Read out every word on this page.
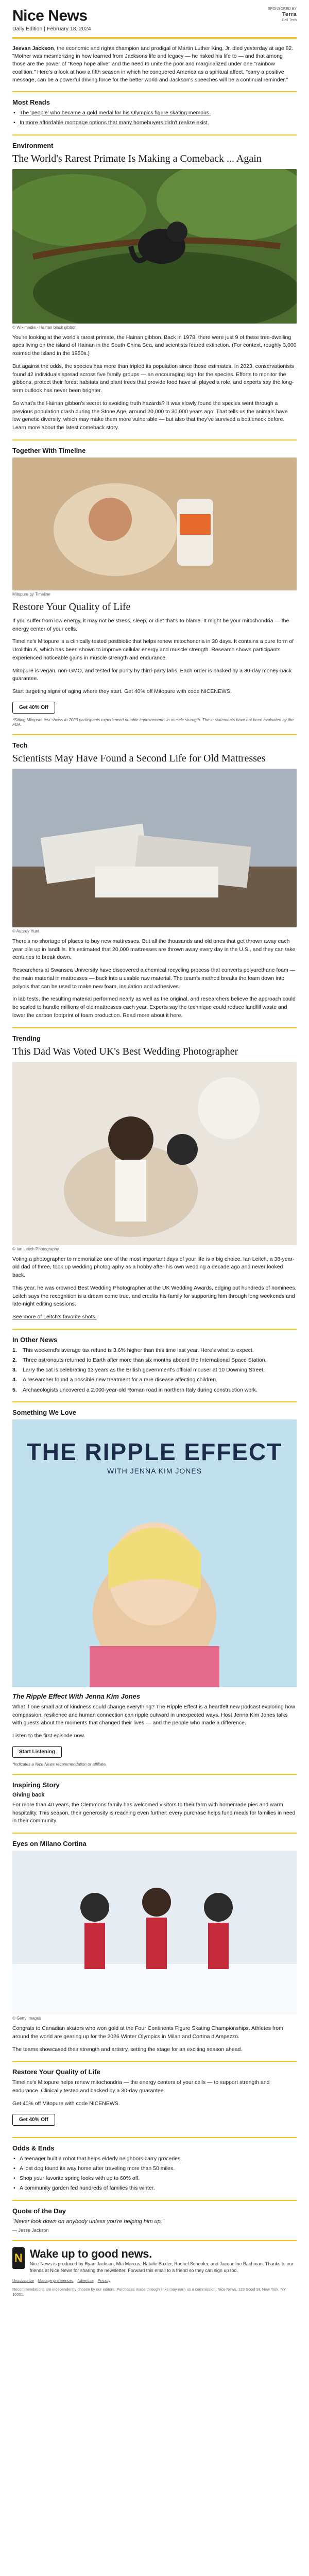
Nice News
Daily Edition | February 18, 2024
SPONSORED BY
Terra
Cell Tech

Jeevan Jackson, the economic and rights champion and prodigal of Martin Luther King, Jr. died yesterday at age 82. "Mother was mesmerizing in how learned from Jacksons life and legacy — he risked his life to — and that among those are the power of "Keep hope alive" and the need to unite the poor and marginalized under one "rainbow coalition." Here's a look at how a fifth season in which he conquered America as a spiritual affect, "carry a positive message, can be a powerful driving force for the better world and Jackson's speeches will be a continual reminder."

Most Reads
• The 'people' who became a gold medal for his Olympics figure skating memoirs.
• In more affordable mortgage options that many homebuyers didn't realize exist.
Environment
The World's Rarest Primate Is Making a Comeback ... Again
© Wikimedia · Hainan black gibbon

You're looking at the world's rarest primate, the Hainan gibbon. Back in 1978, there were just 9 of these tree-dwelling apes living on the island of Hainan in the South China Sea, and scientists feared extinction. (For context, roughly 3,000 roamed the island in the 1950s.)

But against the odds, the species has more than tripled its population since those estimates. In 2023, conservationists found 42 individuals spread across five family groups — an encouraging sign for the species. Efforts to monitor the gibbons, protect their forest habitats and plant trees that provide food have all played a role, and experts say the long-term outlook has never been brighter.

So what's the Hainan gibbon's secret to avoiding truth hazards? It was slowly found the species went through a previous population crash during the Stone Age, around 20,000 to 30,000 years ago. That tells us the animals have low genetic diversity, which may make them more vulnerable — but also that they've survived a bottleneck before. Learn more about the latest comeback story.

Together With Timeline
Mitopure by Timeline
Restore Your Quality of Life

If you suffer from low energy, it may not be stress, sleep, or diet that's to blame. It might be your mitochondria — the energy center of your cells.

Timeline's Mitopure is a clinically tested postbiotic that helps renew mitochondria in 30 days. It contains a pure form of Urolithin A, which has been shown to improve cellular energy and muscle strength. Research shows participants experienced noticeable gains in muscle strength and endurance.

Mitopure is vegan, non-GMO, and tested for purity by third-party labs. Each order is backed by a 30-day money-back guarantee.

Start targeting signs of aging where they start. Get 40% off Mitopure with code NICENEWS.

Get 40% Off
*Sitting Mitopure test shows in 2023 participants experienced notable improvements in muscle strength. These statements have not been evaluated by the FDA.
Tech
Scientists May Have Found a Second Life for Old Mattresses
© Aubrey Hunt

There's no shortage of places to buy new mattresses. But all the thousands and old ones that get thrown away each year pile up in landfills. It's estimated that 20,000 mattresses are thrown away every day in the U.S., and they can take centuries to break down.

Researchers at Swansea University have discovered a chemical recycling process that converts polyurethane foam — the main material in mattresses — back into a usable raw material. The team's method breaks the foam down into polyols that can be used to make new foam, insulation and adhesives.

In lab tests, the resulting material performed nearly as well as the original, and researchers believe the approach could be scaled to handle millions of old mattresses each year. Experts say the technique could reduce landfill waste and lower the carbon footprint of foam production. Read more about it here.

Trending
This Dad Was Voted UK's Best Wedding Photographer
© Ian Leitch Photography

Voting a photographer to memorialize one of the most important days of your life is a big choice. Ian Leitch, a 38-year-old dad of three, took up wedding photography as a hobby after his own wedding a decade ago and never looked back.

This year, he was crowned Best Wedding Photographer at the UK Wedding Awards, edging out hundreds of nominees. Leitch says the recognition is a dream come true, and credits his family for supporting him through long weekends and late-night editing sessions.

See more of Leitch's favorite shots.

In Other News
1.	This weekend's average tax refund is 3.6% higher than this time last year. Here's what to expect.
2.	Three astronauts returned to Earth after more than six months aboard the International Space Station.
3.	Larry the cat is celebrating 13 years as the British government's official mouser at 10 Downing Street.
4.	A researcher found a possible new treatment for a rare disease affecting children.
5.	Archaeologists uncovered a 2,000-year-old Roman road in northern Italy during construction work.
Something We Love
THE RIPPLE EFFECT
WITH JENNA KIM JONES
The Ripple Effect With Jenna Kim Jones

What if one small act of kindness could change everything? The Ripple Effect is a heartfelt new podcast exploring how compassion, resilience and human connection can ripple outward in unexpected ways. Host Jenna Kim Jones talks with guests about the moments that changed their lives — and the people who made a difference.

Listen to the first episode now.

Start Listening
*Indicates a Nice News recommendation or affiliate.
Inspiring Story
Giving back

For more than 40 years, the Clemmons family has welcomed visitors to their farm with homemade pies and warm hospitality. This season, their generosity is reaching even further: every purchase helps fund meals for families in need in their community.

Eyes on Milano Cortina
© Getty Images

Congrats to Canadian skaters who won gold at the Four Continents Figure Skating Championships. Athletes from around the world are gearing up for the 2026 Winter Olympics in Milan and Cortina d'Ampezzo.

The teams showcased their strength and artistry, setting the stage for an exciting season ahead.

Restore Your Quality of Life

Timeline's Mitopure helps renew mitochondria — the energy centers of your cells — to support strength and endurance. Clinically tested and backed by a 30-day guarantee.

Get 40% off Mitopure with code NICENEWS.

Get 40% Off
Odds & Ends
• A teenager built a robot that helps elderly neighbors carry groceries.
• A lost dog found its way home after traveling more than 50 miles.
• Shop your favorite spring looks with up to 60% off.
• A community garden fed hundreds of families this winter.
Quote of the Day
"Never look down on anybody unless you're helping him up."
— Jesse Jackson
N Wake up to good news.
Nice News is produced by Ryan Jackson, Mia Marcus, Natalie Baxter, Rachel Schooler, and Jacqueline Bachman. Thanks to our friends at Nice News for sharing the newsletter. Forward this email to a friend so they can sign up too.
Unsubscribe Manage preferences Advertise Privacy
Recommendations are independently chosen by our editors. Purchases made through links may earn us a commission. Nice News, 123 Good St, New York, NY 10001.
